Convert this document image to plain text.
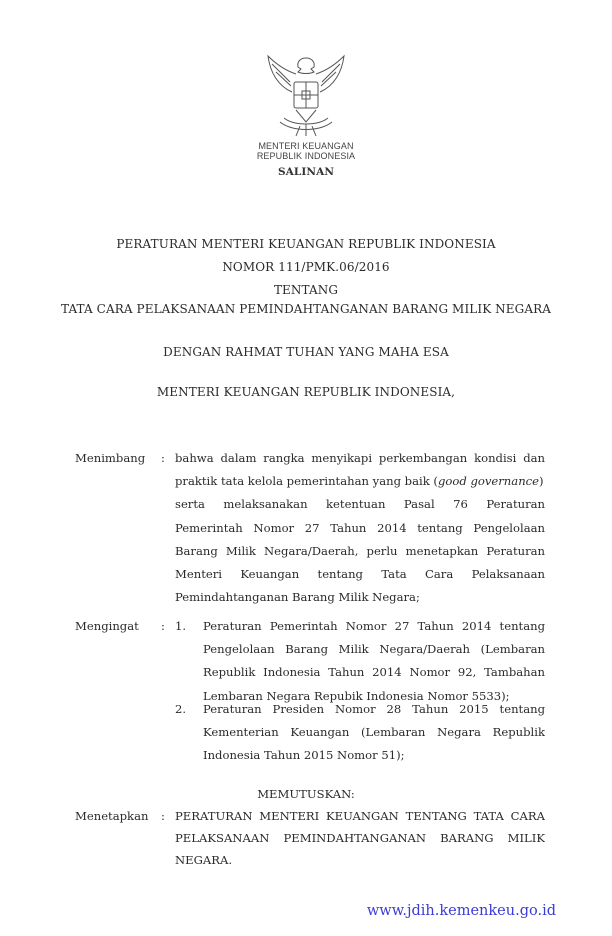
MENTERI KEUANGAN
REPUBLIK INDONESIA
SALINAN
PERATURAN MENTERI KEUANGAN REPUBLIK INDONESIA
NOMOR 111/PMK.06/2016
TENTANG
TATA CARA PELAKSANAAN PEMINDAHTANGANAN BARANG MILIK NEGARA
DENGAN RAHMAT TUHAN YANG MAHA ESA
MENTERI KEUANGAN REPUBLIK INDONESIA,
Menimbang : bahwa dalam rangka menyikapi perkembangan kondisi dan
praktik tata kelola pemerintahan yang baik ( good governance )
serta melaksanakan ketentuan Pasal 76 Peraturan
Pemerintah Nomor 27 Tahun 2014 tentang Pengelolaan
Barang Milik Negara/Daerah, perlu menetapkan Peraturan
Menteri Keuangan tentang Tata Cara Pelaksanaan
Pemindahtanganan Barang Milik Negara;
Mengingat : 1. Peraturan Pemerintah Nomor 27 Tahun 2014 tentang
Pengelolaan Barang Milik Negara/Daerah (Lembaran
Republik Indonesia Tahun 2014 Nomor 92, Tambahan
Lembaran Negara Repubik Indonesia Nomor 5533);
2. Peraturan Presiden Nomor 28 Tahun 2015 tentang
Kementerian Keuangan (Lembaran Negara Republik
Indonesia Tahun 2015 Nomor 51);
MEMUTUSKAN:
Menetapkan : PERATURAN MENTERI KEUANGAN TENTANG TATA CARA
PELAKSANAAN PEMINDAHTANGANAN BARANG MILIK
NEGARA.
www.jdih.kemenkeu.go.id
